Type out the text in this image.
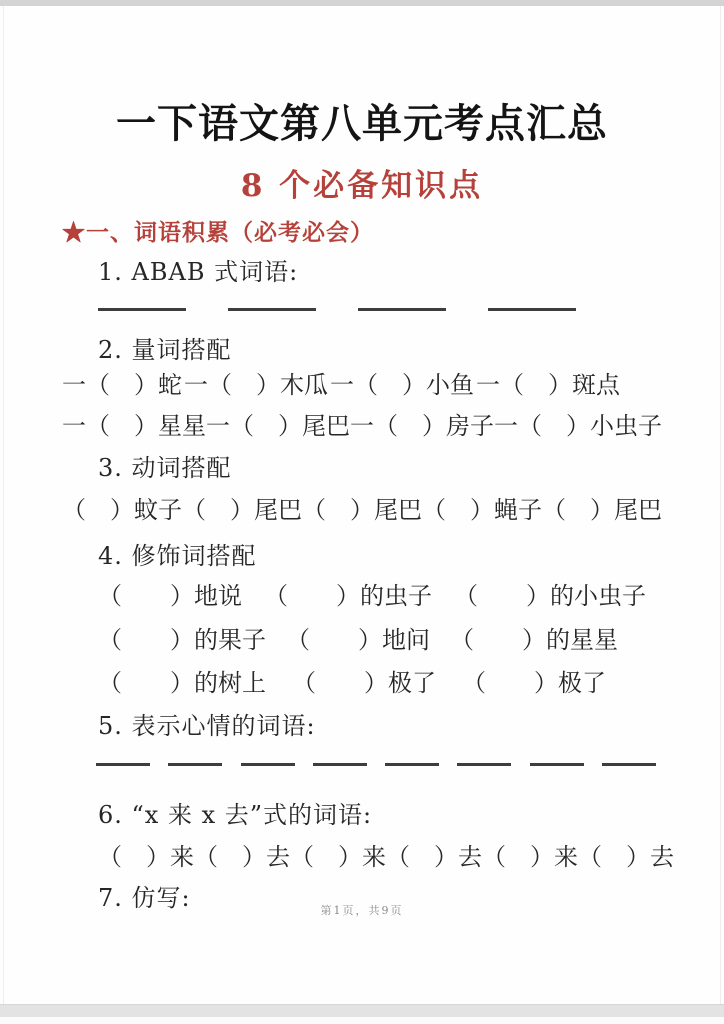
一下语文第八单元考点汇总
8 个必备知识点
★一、词语积累（必考必会）
1. ABAB 式词语:
2. 量词搭配
一（　）蛇 一（　）木瓜 一（　）小鱼 一（　）斑点
一（　）星星 一（　）尾巴 一（　）房子 一（　）小虫子
3. 动词搭配
（　）蚊子 （　）尾巴 （　）尾巴 （　）蝇子 （　）尾巴
4. 修饰词搭配
（　　）地说 （　　）的虫子 （　　）的小虫子
（　　）的果子 （　　）地问 （　　）的星星
（　　）的树上 （　　）极了 （　　）极了
5. 表示心情的词语:
6. “x 来 x 去”式的词语:
（　）来（　）去 （　）来（　）去 （　）来（　）去
7. 仿写:	第1页，共9页
